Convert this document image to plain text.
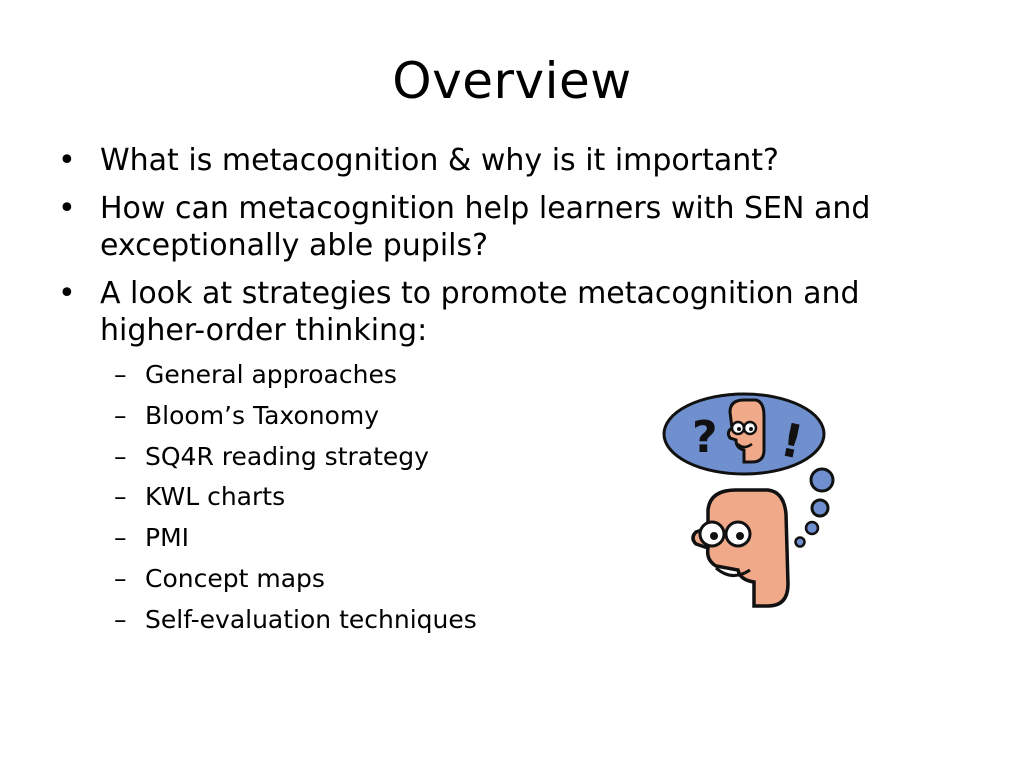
Overview
• What is metacognition & why is it important?
• How can metacognition help learners with SEN and exceptionally able pupils?
• A look at strategies to promote metacognition and higher-order thinking:
– General approaches
– Bloom’s Taxonomy
– SQ4R reading strategy
– KWL charts
– PMI
– Concept maps
– Self-evaluation techniques
? !
